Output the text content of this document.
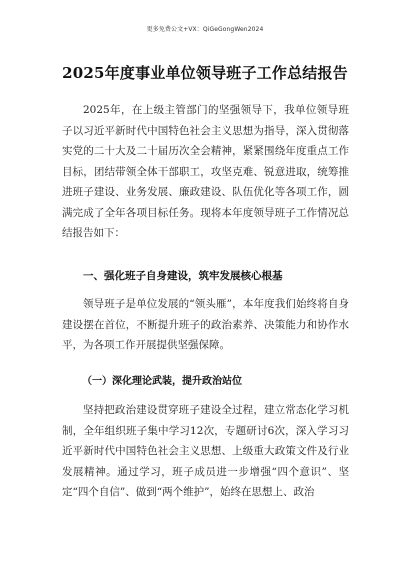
更多免费公文+VX：QiGeGongWen2024
2025年度事业单位领导班子工作总结报告

2025年，在上级主管部门的坚强领导下，我单位领导班子以习近平新时代中国特色社会主义思想为指导，深入贯彻落实党的二十大及二十届历次全会精神，紧紧围绕年度重点工作目标，团结带领全体干部职工，攻坚克难、锐意进取，统筹推进班子建设、业务发展、廉政建设、队伍优化等各项工作，圆满完成了全年各项目标任务。现将本年度领导班子工作情况总结报告如下：

一、强化班子自身建设，筑牢发展核心根基

领导班子是单位发展的“领头雁”，本年度我们始终将自身建设摆在首位，不断提升班子的政治素养、决策能力和协作水平，为各项工作开展提供坚强保障。

（一）深化理论武装，提升政治站位

坚持把政治建设贯穿班子建设全过程，建立常态化学习机制，全年组织班子集中学习12次，专题研讨6次，深入学习习近平新时代中国特色社会主义思想、上级重大政策文件及行业发展精神。通过学习，班子成员进一步增强“四个意识”、坚定“四个自信”、做到“两个维护”，始终在思想上、政治
